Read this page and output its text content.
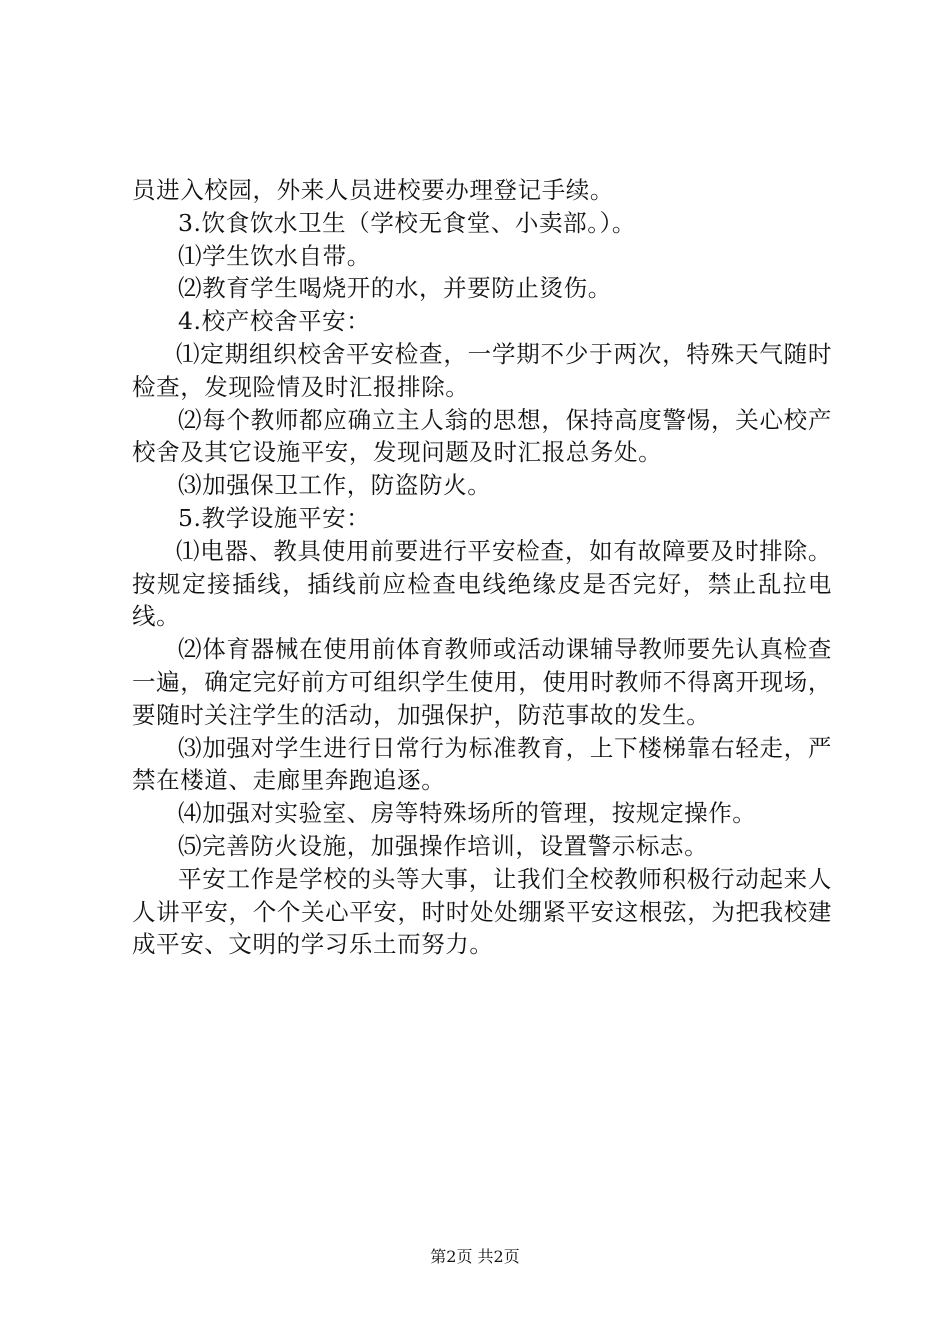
员进入校园，外来人员进校要办理登记手续。

3.饮食饮水卫生（学校无食堂、小卖部。）。

⑴学生饮水自带。

⑵教育学生喝烧开的水，并要防止烫伤。

4.校产校舍平安：

⑴定期组织校舍平安检查，一学期不少于两次，特殊天气随时检查，发现险情及时汇报排除。

⑵每个教师都应确立主人翁的思想，保持高度警惕，关心校产校舍及其它设施平安，发现问题及时汇报总务处。

⑶加强保卫工作，防盗防火。

5.教学设施平安：

⑴电器、教具使用前要进行平安检查，如有故障要及时排除。按规定接插线，插线前应检查电线绝缘皮是否完好，禁止乱拉电线。

⑵体育器械在使用前体育教师或活动课辅导教师要先认真检查一遍，确定完好前方可组织学生使用，使用时教师不得离开现场，要随时关注学生的活动，加强保护，防范事故的发生。

⑶加强对学生进行日常行为标准教育，上下楼梯靠右轻走，严禁在楼道、走廊里奔跑追逐。

⑷加强对实验室、房等特殊场所的管理，按规定操作。

⑸完善防火设施，加强操作培训，设置警示标志。

平安工作是学校的头等大事，让我们全校教师积极行动起来人人讲平安，个个关心平安，时时处处绷紧平安这根弦，为把我校建成平安、文明的学习乐土而努力。

第2页 共2页
